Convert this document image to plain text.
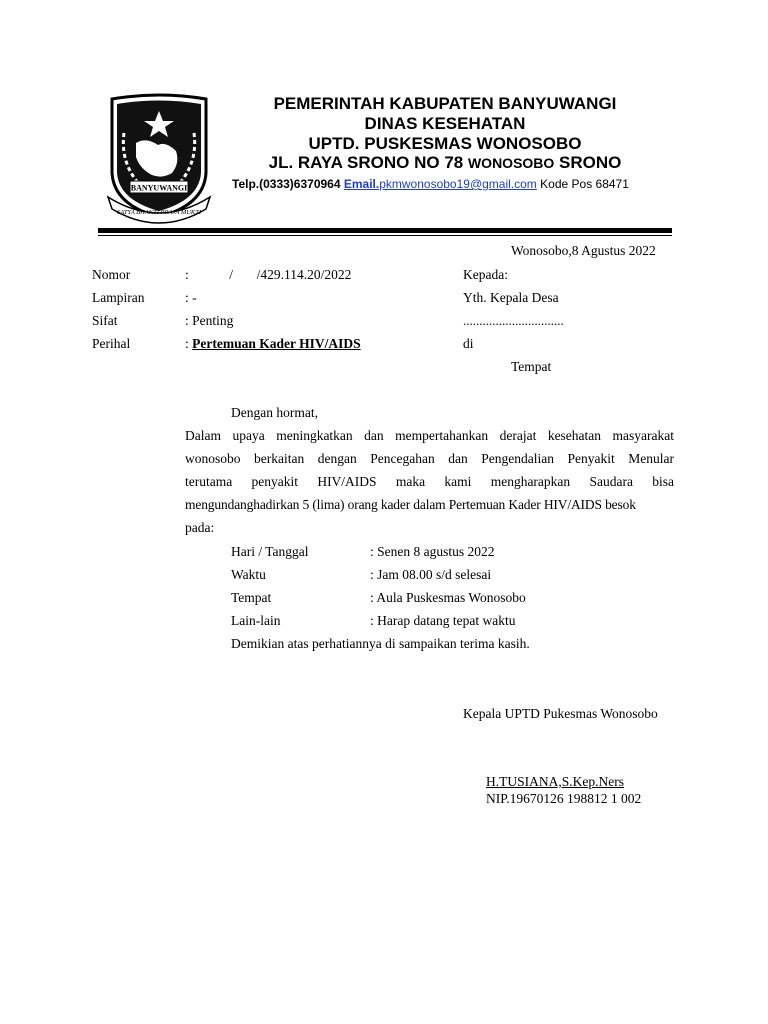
BANYUWANGI
SATYA BHAKTI PRAJA MUKTI
PEMERINTAH KABUPATEN BANYUWANGI
DINAS KESEHATAN
UPTD. PUSKESMAS WONOSOBO
JL. RAYA SRONO NO 78 WONOSOBO SRONO
Telp.(0333)6370964 Email.pkmwonosobo19@gmail.com Kode Pos 68471
Wonosobo,8 Agustus 2022
Nomor	:            /       /429.114.20/2022
Lampiran	: -
Sifat	: Penting
Perihal	: Pertemuan Kader HIV/AIDS
Kepada:
Yth. Kepala Desa
...............................
di
Tempat
Dengan hormat,
Dalam upaya meningkatkan dan mempertahankan derajat kesehatan masyarakat
wonosobo berkaitan dengan Pencegahan dan Pengendalian Penyakit Menular
terutama penyakit HIV/AIDS maka kami mengharapkan Saudara bisa
mengundanghadirkan 5 (lima) orang kader dalam Pertemuan Kader HIV/AIDS besok
pada:
Hari / Tanggal	: Senen 8 agustus 2022
Waktu	: Jam 08.00 s/d selesai
Tempat	: Aula Puskesmas Wonosobo
Lain-lain	: Harap datang tepat waktu
Demikian atas perhatiannya di sampaikan terima kasih.
Kepala UPTD Pukesmas Wonosobo
H.TUSIANA,S.Kep.Ners
NIP.19670126 198812 1 002
